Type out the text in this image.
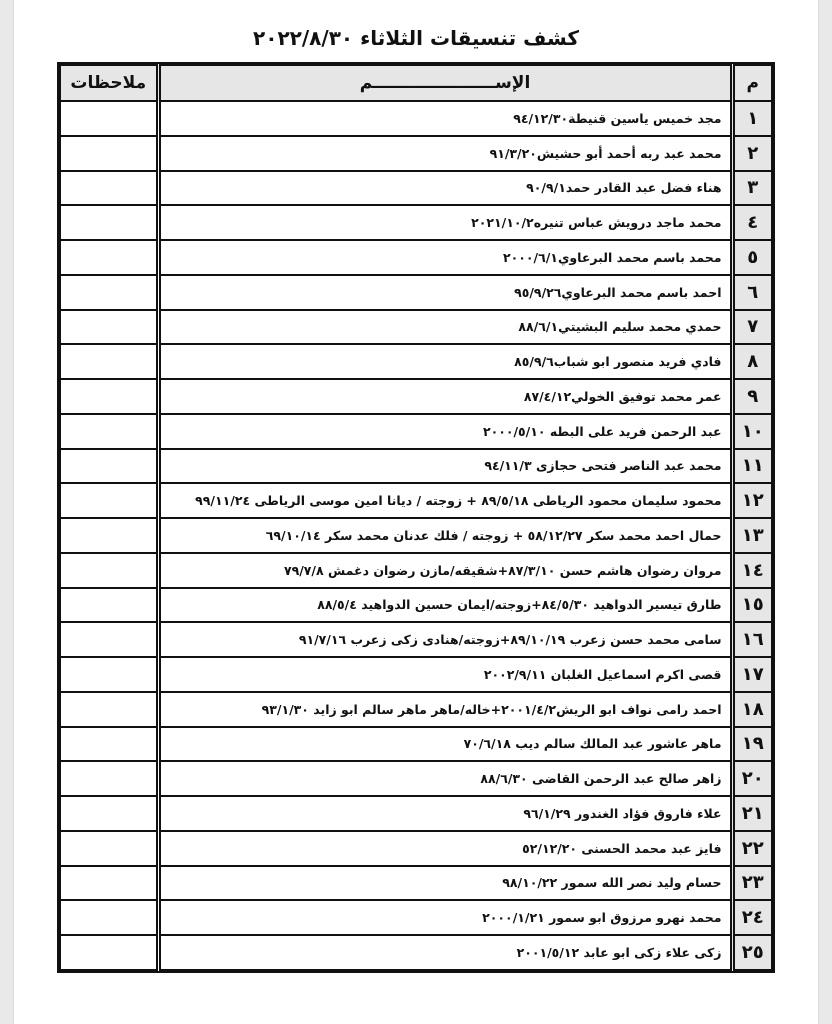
كشف تنسيقات الثلاثاء ٢٠٢٢/٨/٣٠
م	الإســـــــــــــــــــــم	ملاحظات
١	مجد خميس ياسين قنيطة٩٤/١٢/٣٠	
٢	محمد عبد ربه أحمد أبو حشيش٩١/٣/٢٠	
٣	هناء فضل عبد القادر حمد٩٠/٩/١	
٤	محمد ماجد درويش عباس تنيره٢٠٢١/١٠/٢	
٥	محمد باسم محمد البرعاوي٢٠٠٠/٦/١	
٦	احمد باسم محمد البرعاوي٩٥/٩/٢٦	
٧	حمدي محمد سليم البشيتي٨٨/٦/١	
٨	فادي فريد منصور ابو شباب٨٥/٩/٦	
٩	عمر محمد توفيق الخولي٨٧/٤/١٢	
١٠	عبد الرحمن فريد على البطه ٢٠٠٠/٥/١٠	
١١	محمد عبد الناصر فتحى حجازى ٩٤/١١/٣	
١٢	محمود سليمان محمود الرياطى ٨٩/٥/١٨ + زوجته / ديانا امين موسى الرياطى ٩٩/١١/٢٤	
١٣	حمال احمد محمد سكر ٥٨/١٢/٢٧ + زوجته / فلك عدنان محمد سكر ٦٩/١٠/١٤	
١٤	مروان رضوان هاشم حسن ٨٧/٣/١٠+شقيقه/مازن رضوان دغمش ٧٩/٧/٨	
١٥	طارق تيسير الدواهيد ٨٤/٥/٣٠+زوجته/ايمان حسين الدواهيد ٨٨/٥/٤	
١٦	سامى محمد حسن زعرب ٨٩/١٠/١٩+زوجته/هنادى زكى زعرب ٩١/٧/١٦	
١٧	قصى اكرم اسماعيل الغلبان ٢٠٠٢/٩/١١	
١٨	احمد رامى نواف ابو الريش٢٠٠١/٤/٢+خاله/ماهر ماهر سالم ابو زايد ٩٣/١/٣٠	
١٩	ماهر عاشور عبد المالك سالم ديب ٧٠/٦/١٨	
٢٠	زاهر صالح عبد الرحمن القاضى ٨٨/٦/٣٠	
٢١	علاء فاروق فؤاد الغندور ٩٦/١/٢٩	
٢٢	فايز عبد محمد الحسنى ٥٢/١٢/٢٠	
٢٣	حسام وليد نصر الله سمور ٩٨/١٠/٢٢	
٢٤	محمد نهرو مرزوق ابو سمور ٢٠٠٠/١/٢١	
٢٥	زكى علاء زكى ابو عابد ٢٠٠١/٥/١٢	
